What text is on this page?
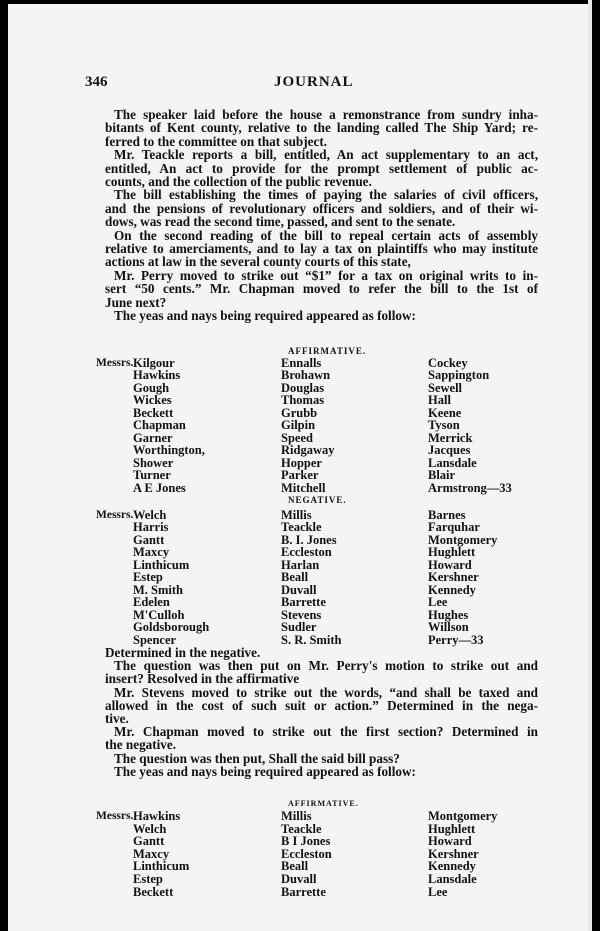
346	JOURNAL
The speaker laid before the house a remonstrance from sundry inha-
bitants of Kent county, relative to the landing called The Ship Yard; re-
ferred to the committee on that subject.
Mr. Teackle reports a bill, entitled, An act supplementary to an act,
entitled, An act to provide for the prompt settlement of public ac-
counts, and the collection of the public revenue.
The bill establishing the times of paying the salaries of civil officers,
and the pensions of revolutionary officers and soldiers, and of their wi-
dows, was read the second time, passed, and sent to the senate.
On the second reading of the bill to repeal certain acts of assembly
relative to amerciaments, and to lay a tax on plaintiffs who may institute
actions at law in the several county courts of this state,
Mr. Perry moved to strike out “$1” for a tax on original writs to in-
sert “50 cents.” Mr. Chapman moved to refer the bill to the 1st of
June next?
The yeas and nays being required appeared as follow:
AFFIRMATIVE.
Messrs. Kilgour	Ennalls	Cockey
Hawkins	Brohawn	Sappington
Gough	Douglas	Sewell
Wickes	Thomas	Hall
Beckett	Grubb	Keene
Chapman	Gilpin	Tyson
Garner	Speed	Merrick
Worthington,	Ridgaway	Jacques
Shower	Hopper	Lansdale
Turner	Parker	Blair
A E Jones	Mitchell	Armstrong—33
NEGATIVE.
Messrs. Welch	Millis	Barnes
Harris	Teackle	Farquhar
Gantt	B. I. Jones	Montgomery
Maxcy	Eccleston	Hughlett
Linthicum	Harlan	Howard
Estep	Beall	Kershner
M. Smith	Duvall	Kennedy
Edelen	Barrette	Lee
M'Culloh	Stevens	Hughes
Goldsborough	Sudler	Willson
Spencer	S. R. Smith	Perry—33
Determined in the negative.
The question was then put on Mr. Perry's motion to strike out and
insert? Resolved in the affirmative
Mr. Stevens moved to strike out the words, “and shall be taxed and
allowed in the cost of such suit or action.” Determined in the nega-
tive.
Mr. Chapman moved to strike out the first section? Determined in
the negative.
The question was then put, Shall the said bill pass?
The yeas and nays being required appeared as follow:
AFFIRMATIVE.
Messrs. Hawkins	Millis	Montgomery
Welch	Teackle	Hughlett
Gantt	B I Jones	Howard
Maxcy	Eccleston	Kershner
Linthicum	Beall	Kennedy
Estep	Duvall	Lansdale
Beckett	Barrette	Lee
